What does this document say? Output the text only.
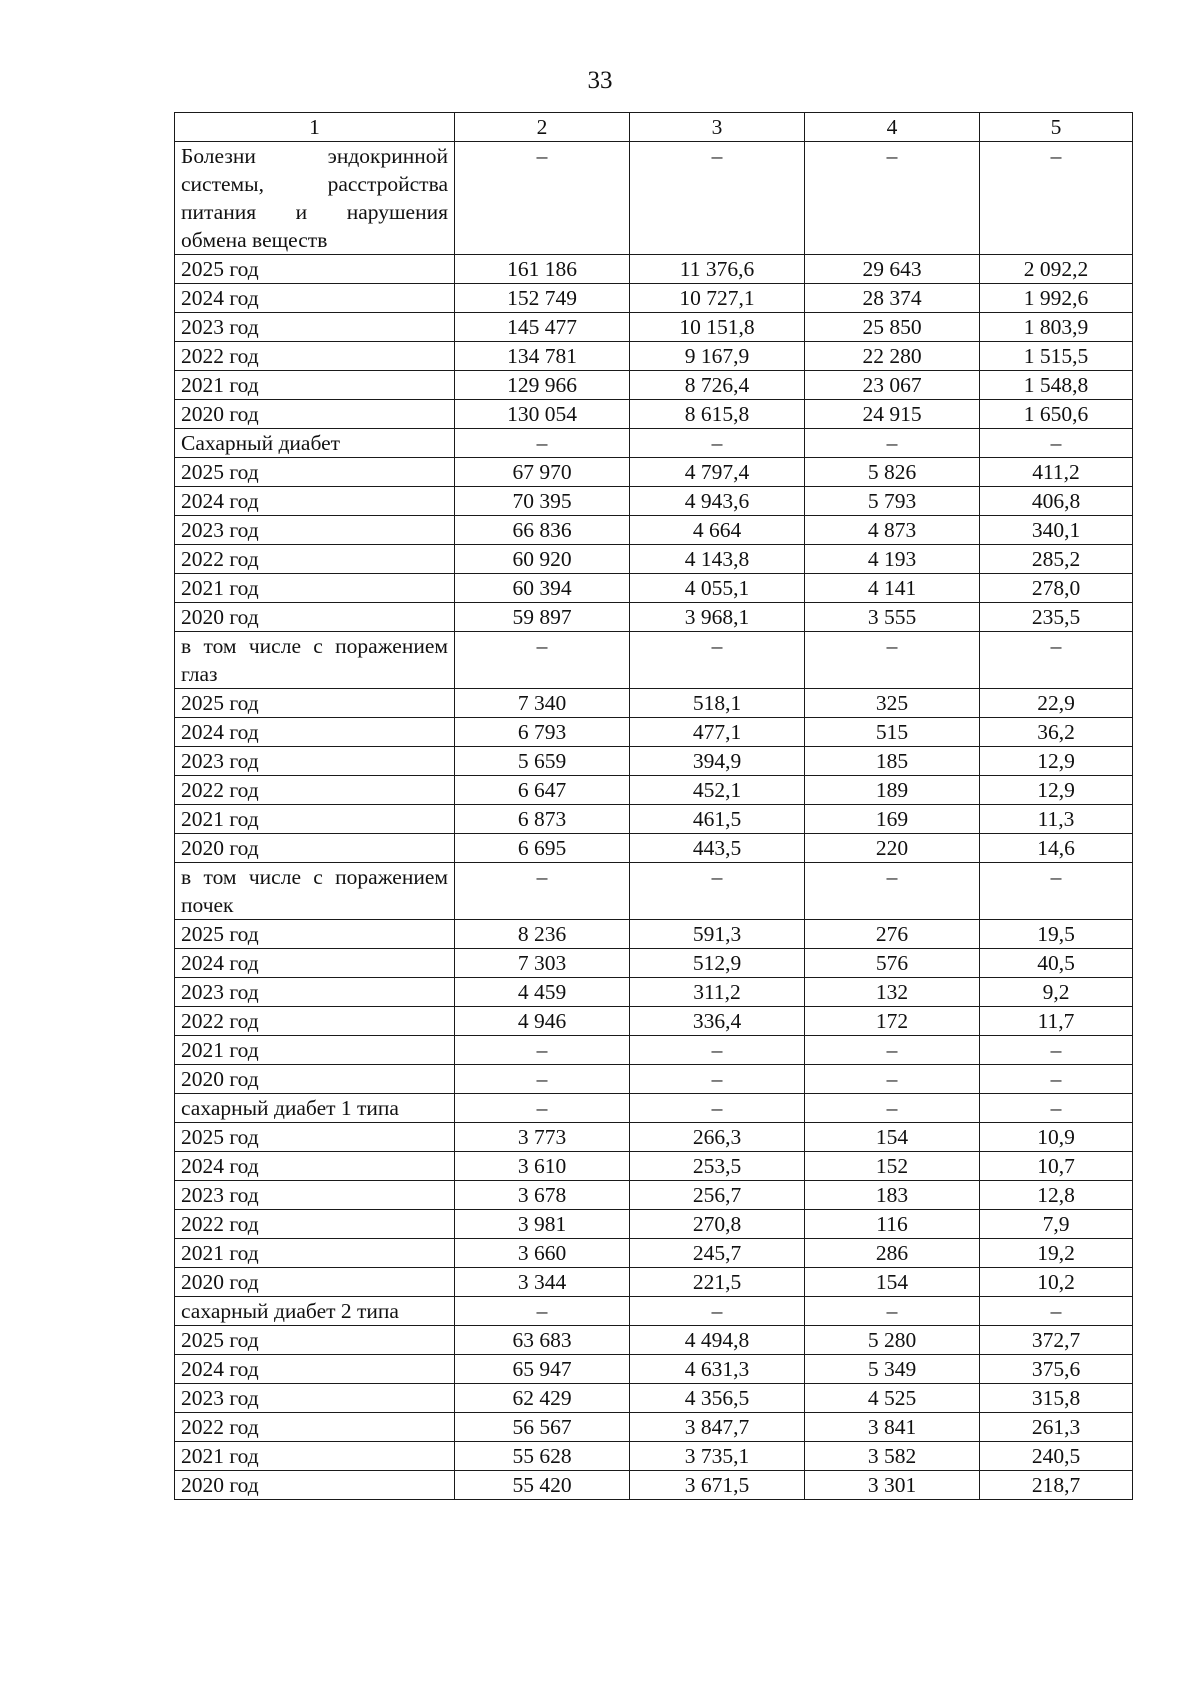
33
1	2	3	4	5
Болезни эндокринной системы, расстройства питания и нарушения обмена веществ	–	–	–	–
2025 год	161 186	11 376,6	29 643	2 092,2
2024 год	152 749	10 727,1	28 374	1 992,6
2023 год	145 477	10 151,8	25 850	1 803,9
2022 год	134 781	9 167,9	22 280	1 515,5
2021 год	129 966	8 726,4	23 067	1 548,8
2020 год	130 054	8 615,8	24 915	1 650,6
Сахарный диабет	–	–	–	–
2025 год	67 970	4 797,4	5 826	411,2
2024 год	70 395	4 943,6	5 793	406,8
2023 год	66 836	4 664	4 873	340,1
2022 год	60 920	4 143,8	4 193	285,2
2021 год	60 394	4 055,1	4 141	278,0
2020 год	59 897	3 968,1	3 555	235,5
в том числе с поражением глаз	–	–	–	–
2025 год	7 340	518,1	325	22,9
2024 год	6 793	477,1	515	36,2
2023 год	5 659	394,9	185	12,9
2022 год	6 647	452,1	189	12,9
2021 год	6 873	461,5	169	11,3
2020 год	6 695	443,5	220	14,6
в том числе с поражением почек	–	–	–	–
2025 год	8 236	591,3	276	19,5
2024 год	7 303	512,9	576	40,5
2023 год	4 459	311,2	132	9,2
2022 год	4 946	336,4	172	11,7
2021 год	–	–	–	–
2020 год	–	–	–	–
сахарный диабет 1 типа	–	–	–	–
2025 год	3 773	266,3	154	10,9
2024 год	3 610	253,5	152	10,7
2023 год	3 678	256,7	183	12,8
2022 год	3 981	270,8	116	7,9
2021 год	3 660	245,7	286	19,2
2020 год	3 344	221,5	154	10,2
сахарный диабет 2 типа	–	–	–	–
2025 год	63 683	4 494,8	5 280	372,7
2024 год	65 947	4 631,3	5 349	375,6
2023 год	62 429	4 356,5	4 525	315,8
2022 год	56 567	3 847,7	3 841	261,3
2021 год	55 628	3 735,1	3 582	240,5
2020 год	55 420	3 671,5	3 301	218,7
